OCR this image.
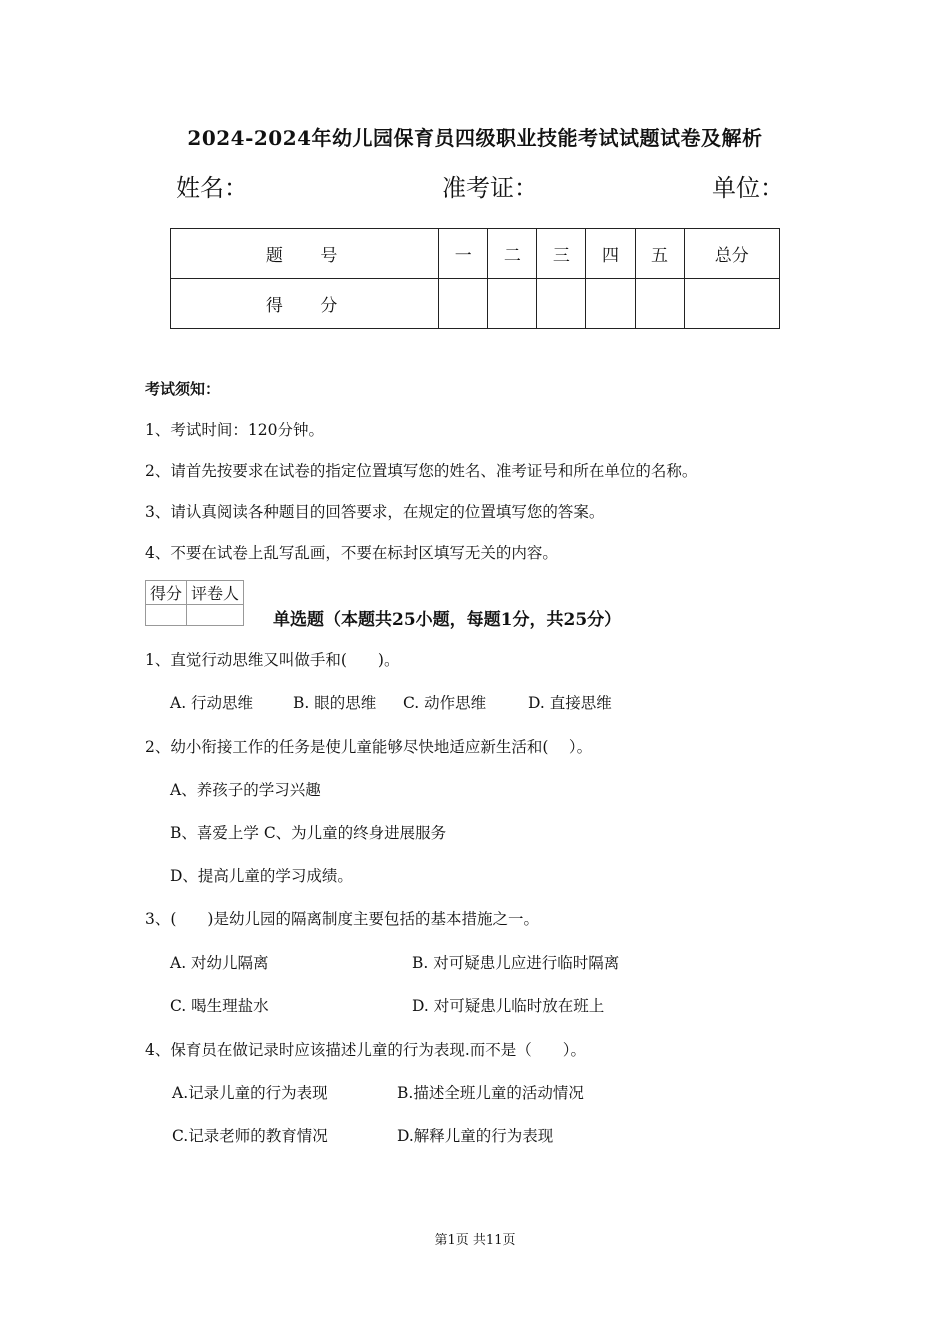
2024-2024年幼儿园保育员四级职业技能考试试题试卷及解析
姓名：	准考证：	单位：
题 号	一	二	三	四	五	总分
得 分						
考试须知：
1、考试时间：120分钟。
2、请首先按要求在试卷的指定位置填写您的姓名、准考证号和所在单位的名称。
3、请认真阅读各种题目的回答要求，在规定的位置填写您的答案。
4、不要在试卷上乱写乱画，不要在标封区填写无关的内容。
得分	评卷人

单选题（本题共25小题，每题1分，共25分）
1、直觉行动思维又叫做手和(　　)。
A. 行动思维	B. 眼的思维 C. 动作思维	D. 直接思维
2、幼小衔接工作的任务是使儿童能够尽快地适应新生活和(　 ）。
A、养孩子的学习兴趣
B、喜爱上学 C、为儿童的终身进展服务
D、提高儿童的学习成绩。
3、(　　)是幼儿园的隔离制度主要包括的基本措施之一。
A. 对幼儿隔离	B. 对可疑患儿应进行临时隔离
C. 喝生理盐水	D. 对可疑患儿临时放在班上
4、保育员在做记录时应该描述儿童的行为表现.而不是（　　）。
A.记录儿童的行为表现	B.描述全班儿童的活动情况
C.记录老师的教育情况	D.解释儿童的行为表现
第1页 共11页
